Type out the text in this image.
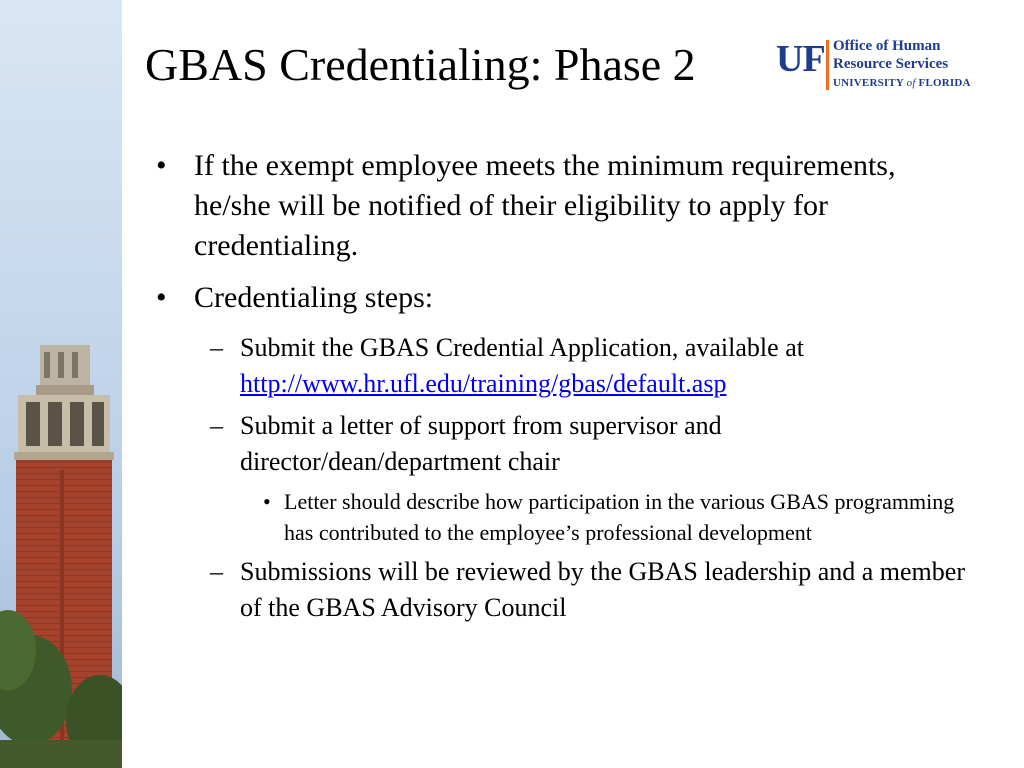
GBAS Credentialing: Phase 2 UF Office of Human
Resource Services
UNIVERSITY of FLORIDA
• If the exempt employee meets the minimum requirements, he/she will be notified of their eligibility to apply for credentialing.
• Credentialing steps:
– Submit the GBAS Credential Application, available at http://www.hr.ufl.edu/training/gbas/default.asp
– Submit a letter of support from supervisor and director/dean/department chair
• Letter should describe how participation in the various GBAS programming has contributed to the employee’s professional development
– Submissions will be reviewed by the GBAS leadership and a member of the GBAS Advisory Council
